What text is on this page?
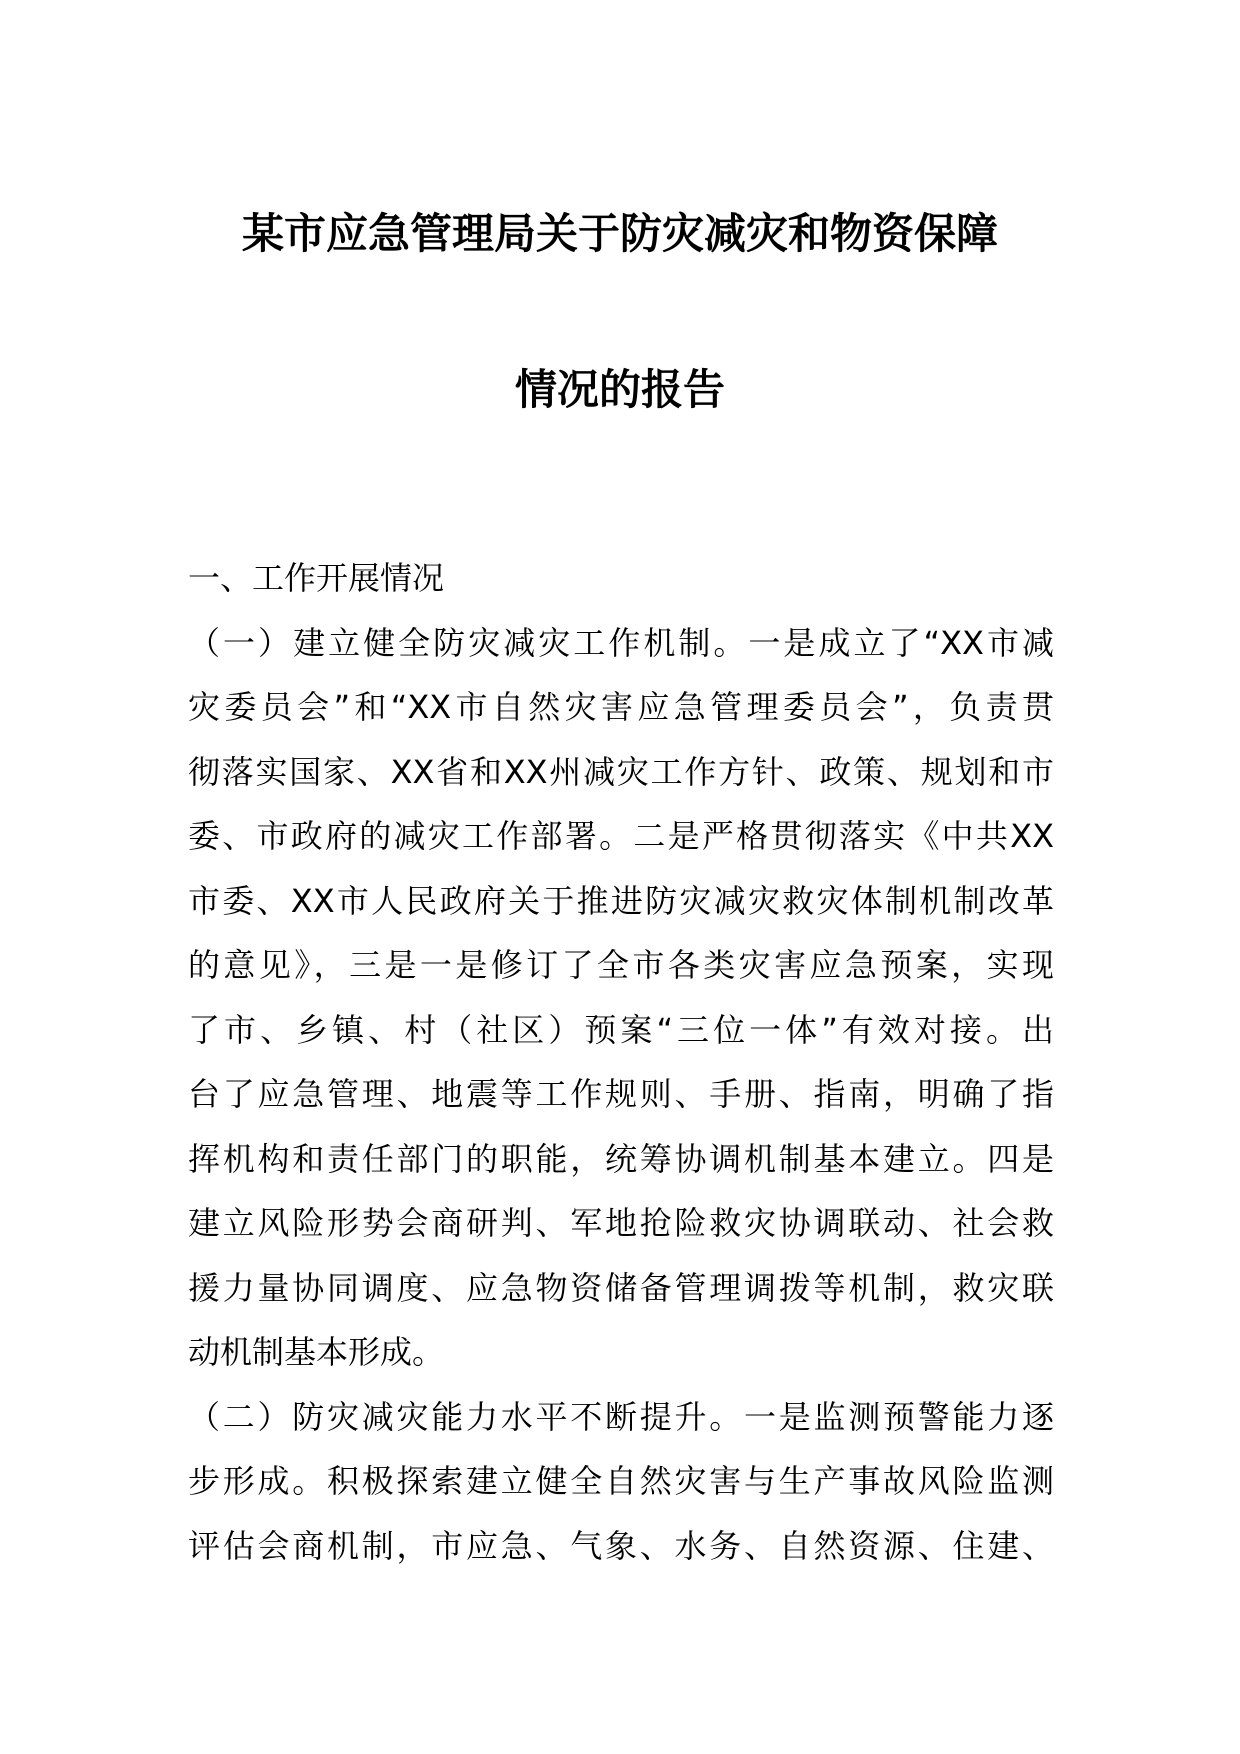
某市应急管理局关于防灾减灾和物资保障
情况的报告
一、工作开展情况
（一）建立健全防灾减灾工作机制。一是成立了“XX市减
灾委员会”和“XX市自然灾害应急管理委员会”，负责贯
彻落实国家、XX省和XX州减灾工作方针、政策、规划和市
委、市政府的减灾工作部署。二是严格贯彻落实《中共XX
市委、XX市人民政府关于推进防灾减灾救灾体制机制改革
的意见》，三是一是修订了全市各类灾害应急预案，实现
了市、乡镇、村（社区）预案“三位一体”有效对接。出
台了应急管理、地震等工作规则、手册、指南，明确了指
挥机构和责任部门的职能，统筹协调机制基本建立。四是
建立风险形势会商研判、军地抢险救灾协调联动、社会救
援力量协同调度、应急物资储备管理调拨等机制，救灾联
动机制基本形成。
（二）防灾减灾能力水平不断提升。一是监测预警能力逐
步形成。积极探索建立健全自然灾害与生产事故风险监测
评估会商机制，市应急、气象、水务、自然资源、住建、
